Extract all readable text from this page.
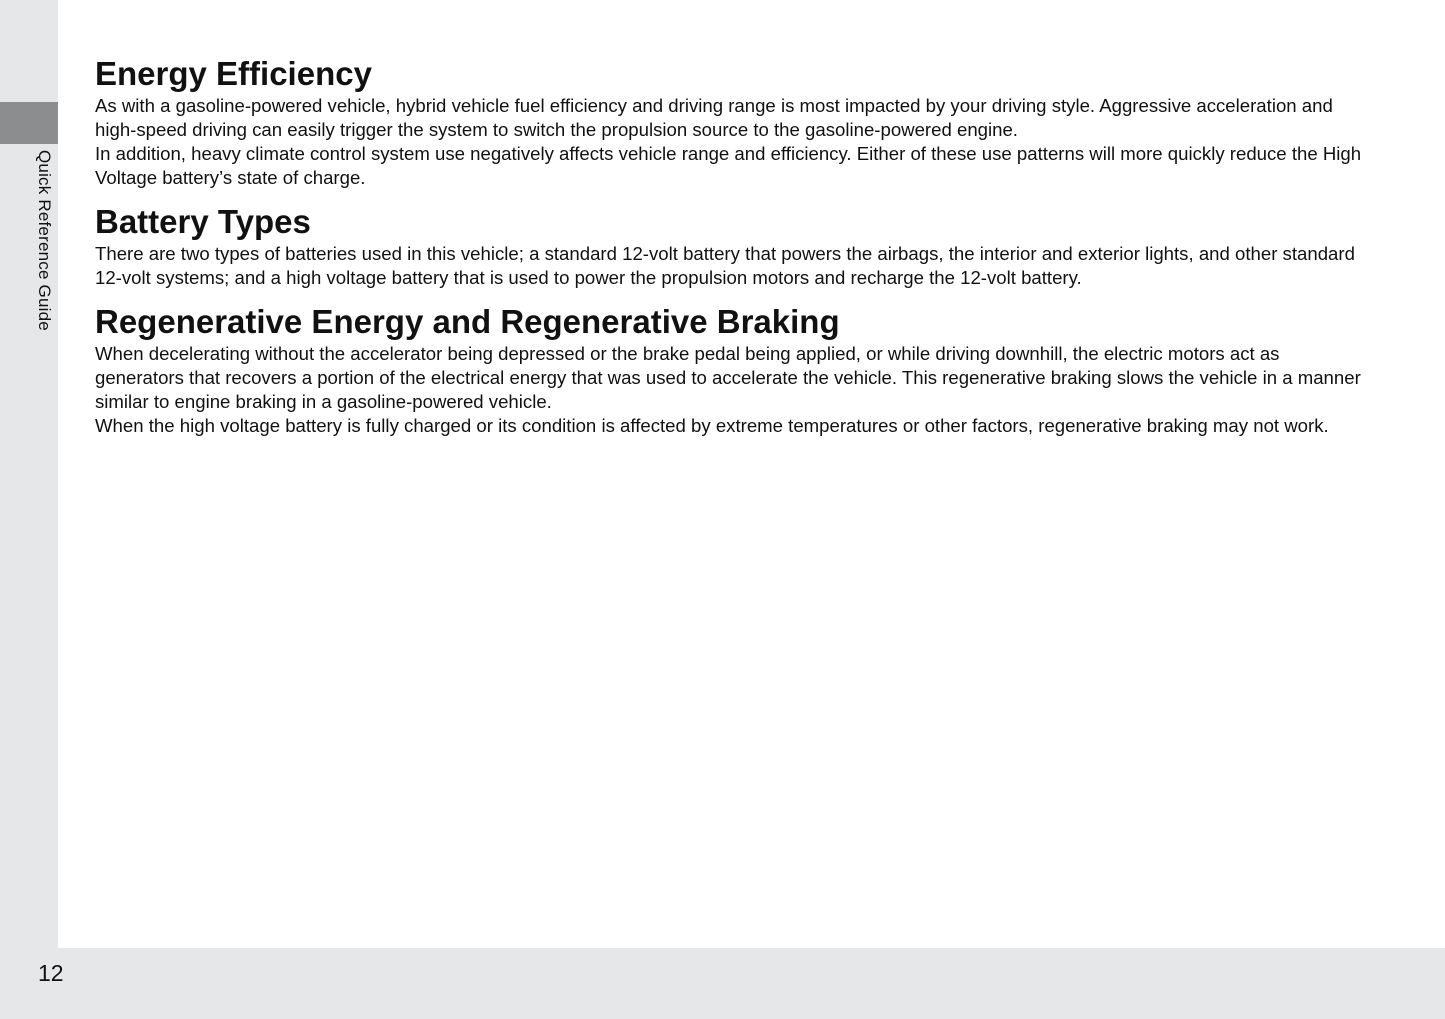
Quick Reference Guide
12
Energy Efficiency

As with a gasoline-powered vehicle, hybrid vehicle fuel efficiency and driving range is most impacted by your driving style. Aggressive acceleration and high-speed driving can easily trigger the system to switch the propulsion source to the gasoline-powered engine.

In addition, heavy climate control system use negatively affects vehicle range and efficiency. Either of these use patterns will more quickly reduce the High Voltage battery’s state of charge.

Battery Types

There are two types of batteries used in this vehicle; a standard 12-volt battery that powers the airbags, the interior and exterior lights, and other standard 12-volt systems; and a high voltage battery that is used to power the propulsion motors and recharge the 12-volt battery.

Regenerative Energy and Regenerative Braking

When decelerating without the accelerator being depressed or the brake pedal being applied, or while driving downhill, the electric motors act as generators that recovers a portion of the electrical energy that was used to accelerate the vehicle. This regenerative braking slows the vehicle in a manner similar to engine braking in a gasoline-powered vehicle.

When the high voltage battery is fully charged or its condition is affected by extreme temperatures or other factors, regenerative braking may not work.
